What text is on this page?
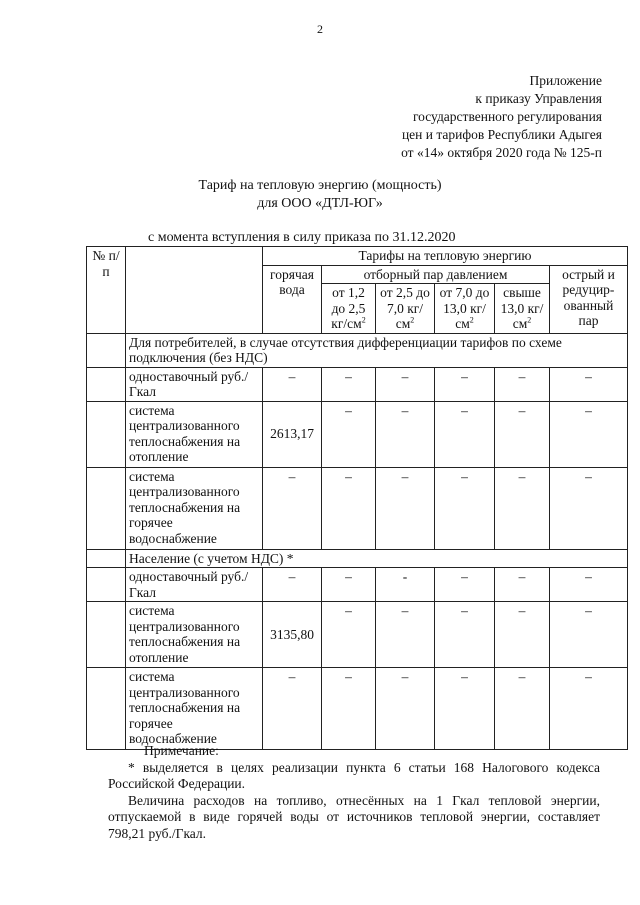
2
Приложение
к приказу Управления
государственного регулирования
цен и тарифов Республики Адыгея
от «14» октября 2020 года № 125-п
Тариф на тепловую энергию (мощность)
для ООО «ДТЛ-ЮГ»
с момента вступления в силу приказа по 31.12.2020
№ п/п		Тарифы на тепловую энергию					
		горячая вода	отборный пар давлением				острый и редуцир-ованный пар
			от 1,2 до 2,5 $кг/см^2$	от 2,5 до 7,0 $кг/см^2$	от 7,0 до 13,0 $кг/см^2$	свыше 13,0 $кг/см^2$
	Для потребителей, в случае отсутствия дифференциации тарифов по схеме подключения (без НДС)						
	одноставочный руб./Гкал	–	–	–	–	–	–
	система централизованного теплоснабжения на отопление	2613,17	–	–	–	–	–
	система централизованного теплоснабжения на горячее водоснабжение	–	–	–	–	–	–
	Население (с учетом НДС) *						
	одноставочный руб./Гкал	–	–	-	–	–	–
	система централизованного теплоснабжения на отопление	3135,80	–	–	–	–	–
	система централизованного теплоснабжения на горячее водоснабжение	–	–	–	–	–	–

Примечание:

* выделяется в целях реализации пункта 6 статьи 168 Налогового кодекса Российской Федерации.

Величина расходов на топливо, отнесённых на 1 Гкал тепловой энергии, отпускаемой в виде горячей воды от источников тепловой энергии, составляет 798,21 руб./Гкал.
